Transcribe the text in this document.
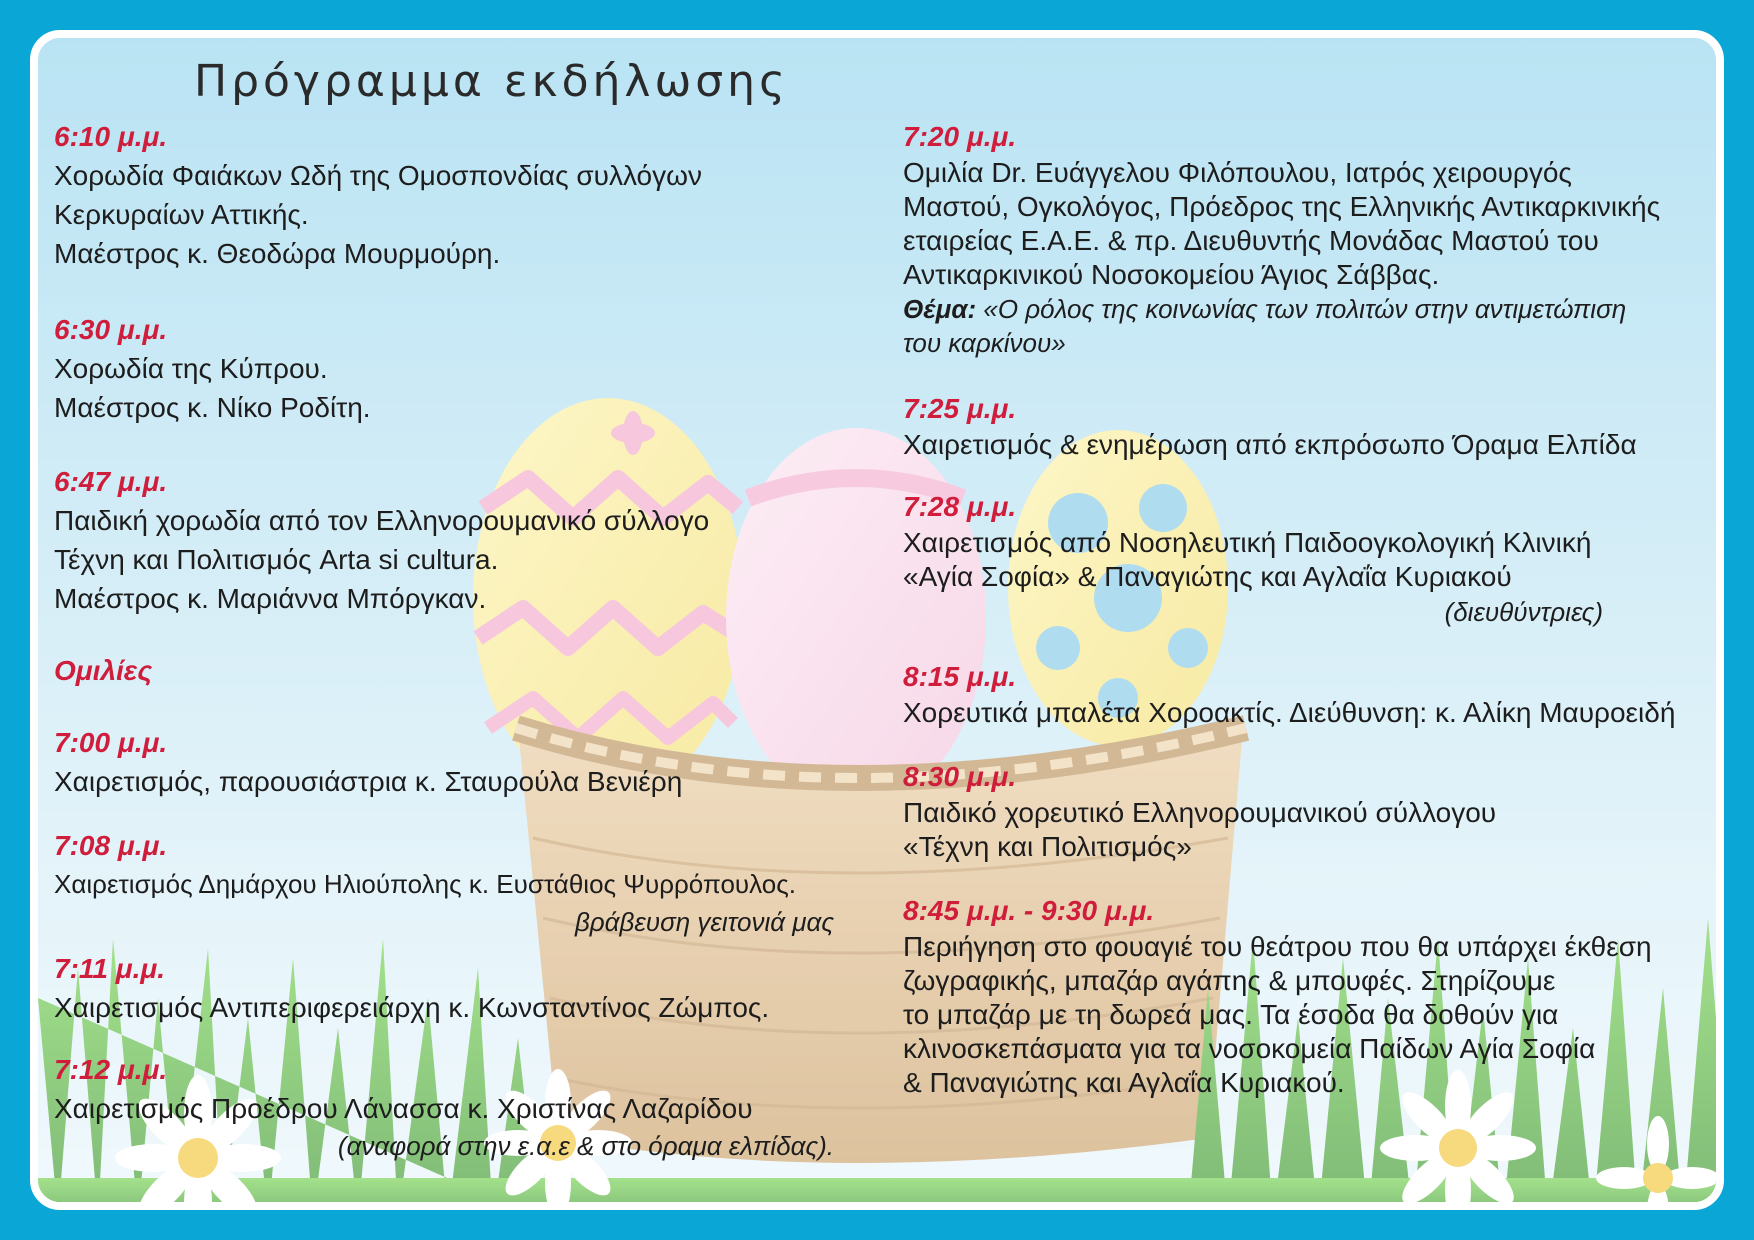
Πρόγραμμα εκδήλωσης
6:10 μ.μ.
Χορωδία Φαιάκων Ωδή της Ομοσπονδίας συλλόγων
Κερκυραίων Αττικής.
Μαέστρος κ. Θεοδώρα Μουρμούρη.
6:30 μ.μ.
Χορωδία της Κύπρου.
Μαέστρος κ. Νίκο Ροδίτη.
6:47 μ.μ.
Παιδική χορωδία από τον Ελληνορουμανικό σύλλογο
Τέχνη και Πολιτισμός Arta si cultura.
Μαέστρος κ. Μαριάννα Μπόργκαν.
Ομιλίες
7:00 μ.μ.
Χαιρετισμός, παρουσιάστρια κ. Σταυρούλα Βενιέρη
7:08 μ.μ.
Χαιρετισμός Δημάρχου Ηλιούπολης κ. Ευστάθιος Ψυρρόπουλος.
βράβευση γειτονιά μας
7:11 μ.μ.
Χαιρετισμός Αντιπεριφερειάρχη κ. Κωνσταντίνος Ζώμπος.
7:12 μ.μ.
Χαιρετισμός Προέδρου Λάνασσα κ. Χριστίνας Λαζαρίδου
(αναφορά στην ε.α.ε & στο όραμα ελπίδας).
7:20 μ.μ.
Ομιλία Dr. Ευάγγελου Φιλόπουλου, Ιατρός χειρουργός
Μαστού, Ογκολόγος, Πρόεδρος της Ελληνικής Αντικαρκινικής
εταιρείας Ε.Α.Ε. & πρ. Διευθυντής Μονάδας Μαστού του
Αντικαρκινικού Νοσοκομείου Άγιος Σάββας.
Θέμα: «Ο ρόλος της κοινωνίας των πολιτών στην αντιμετώπιση
του καρκίνου»
7:25 μ.μ.
Χαιρετισμός & ενημέρωση από εκπρόσωπο Όραμα Ελπίδα
7:28 μ.μ.
Χαιρετισμός από Νοσηλευτική Παιδοογκολογική Κλινική
«Αγία Σοφία» & Παναγιώτης και Αγλαΐα Κυριακού
(διευθύντριες)
8:15 μ.μ.
Χορευτικά μπαλέτα Χοροακτίς. Διεύθυνση: κ. Αλίκη Μαυροειδή
8:30 μ.μ.
Παιδικό χορευτικό Ελληνορουμανικού σύλλογου
«Τέχνη και Πολιτισμός»
8:45 μ.μ. - 9:30 μ.μ.
Περιήγηση στο φουαγιέ του θεάτρου που θα υπάρχει έκθεση
ζωγραφικής, μπαζάρ αγάπης & μπουφές. Στηρίζουμε
το μπαζάρ με τη δωρεά μας. Τα έσοδα θα δοθούν για
κλινοσκεπάσματα για τα νοσοκομεία Παίδων Αγία Σοφία
& Παναγιώτης και Αγλαΐα Κυριακού.
